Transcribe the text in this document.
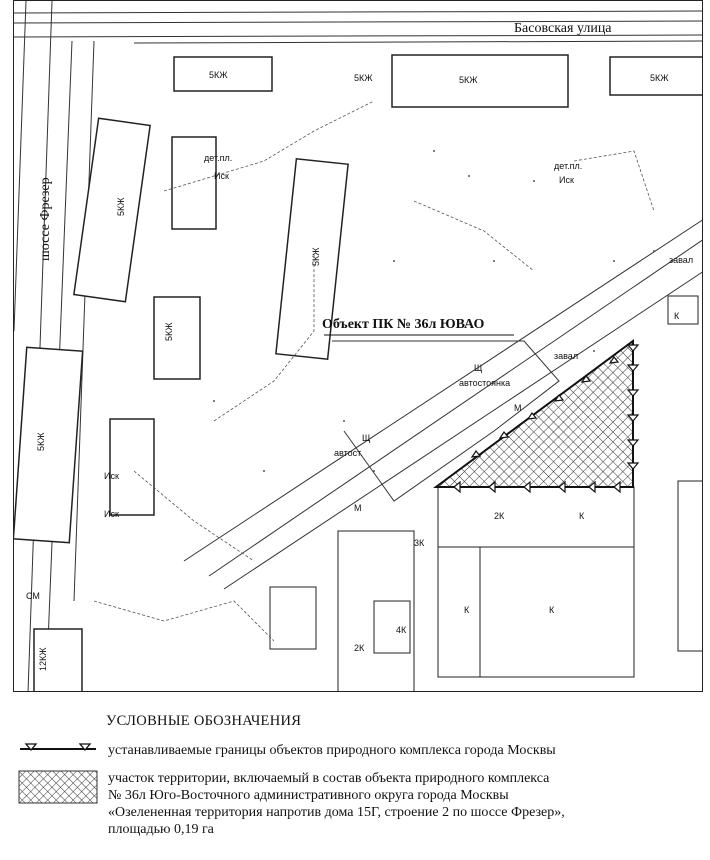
5КЖ	5КЖ	5КЖ
5КЖ
5КЖ
5КЖ
5КЖ
5КЖ
12КЖ
2К
К
К
К
К
2К
4К
3К
СМ
М
М
Щ
Щ
Иск	Иск
Иск
Иск
автостоянка
завал
завал
дет.пл.
дет.пл.
автост.
Басовская улица
шоссе Фрезер
Объект ПК № 36л ЮВАО
УСЛОВНЫЕ ОБОЗНАЧЕНИЯ
устанавливаемые границы объектов природного комплекса города Москвы
участок территории, включаемый в состав объекта природного комплекса
№ 36л Юго-Восточного административного округа города Москвы
«Озелененная территория напротив дома 15Г, строение 2 по шоссе Фрезер»,
площадью 0,19 га
